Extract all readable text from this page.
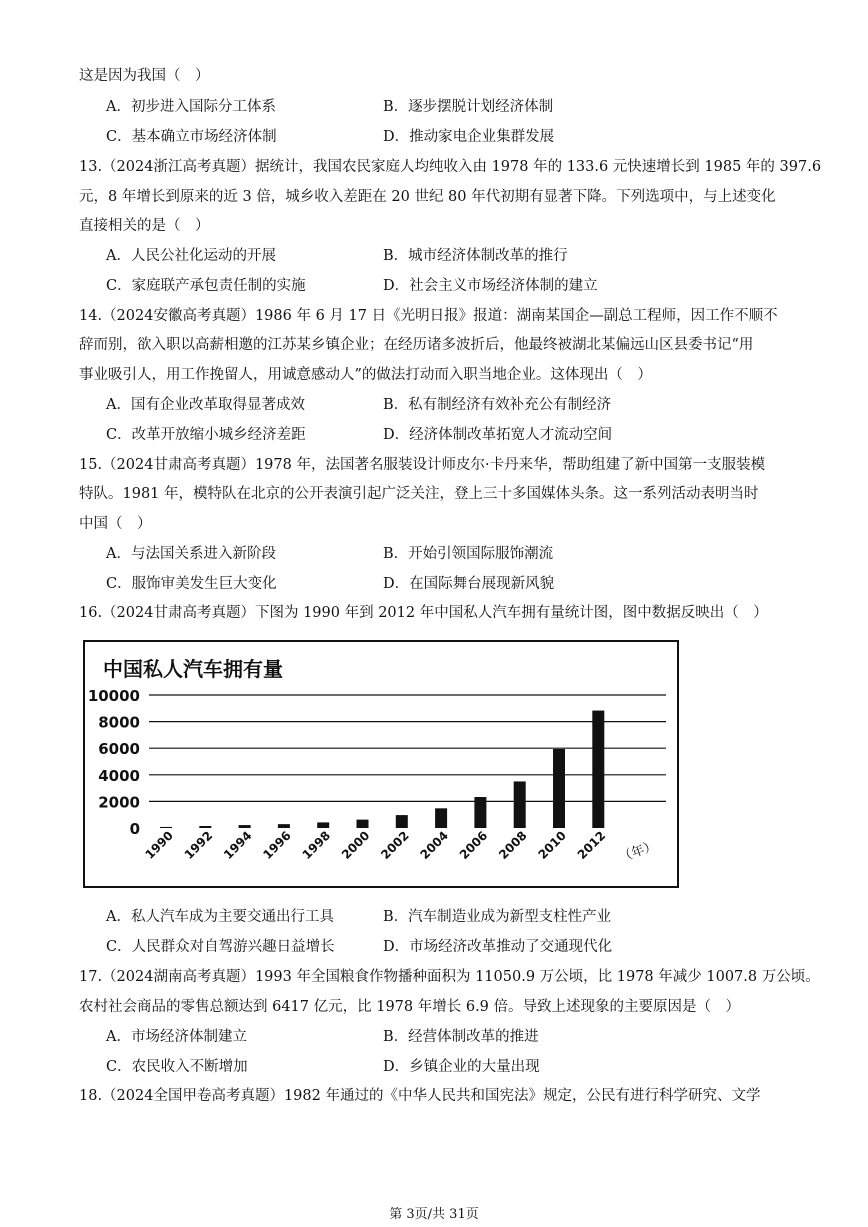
这是因为我国（　）
A．初步进入国际分工体系	B．逐步摆脱计划经济体制
C．基本确立市场经济体制	D．推动家电企业集群发展
13.（2024浙江高考真题）据统计，我国农民家庭人均纯收入由 1978 年的 133.6 元快速增长到 1985 年的 397.6
元，8 年增长到原来的近 3 倍，城乡收入差距在 20 世纪 80 年代初期有显著下降。下列选项中，与上述变化
直接相关的是（　）
A．人民公社化运动的开展	B．城市经济体制改革的推行
C．家庭联产承包责任制的实施	D．社会主义市场经济体制的建立
14.（2024安徽高考真题）1986 年 6 月 17 日《光明日报》报道：湖南某国企—副总工程师，因工作不顺不
辞而别，欲入职以高薪相邀的江苏某乡镇企业；在经历诸多波折后，他最终被湖北某偏远山区县委书记“用
事业吸引人，用工作挽留人，用诚意感动人”的做法打动而入职当地企业。这体现出（　）
A．国有企业改革取得显著成效	B．私有制经济有效补充公有制经济
C．改革开放缩小城乡经济差距	D．经济体制改革拓宽人才流动空间
15.（2024甘肃高考真题）1978 年，法国著名服装设计师皮尔·卡丹来华，帮助组建了新中国第一支服装模
特队。1981 年，模特队在北京的公开表演引起广泛关注，登上三十多国媒体头条。这一系列活动表明当时
中国（　）
A．与法国关系进入新阶段	B．开始引领国际服饰潮流
C．服饰审美发生巨大变化	D．在国际舞台展现新风貌
16.（2024甘肃高考真题）下图为 1990 年到 2012 年中国私人汽车拥有量统计图，图中数据反映出（　）
中国私人汽车拥有量
0
2000
4000
6000
8000
10000
1990 1992 1994 1996 1998 2000 2002 2004 2006 2008 2010 2012 （年）
A．私人汽车成为主要交通出行工具	B．汽车制造业成为新型支柱性产业
C．人民群众对自驾游兴趣日益增长	D．市场经济改革推动了交通现代化
17.（2024湖南高考真题）1993 年全国粮食作物播种面积为 11050.9 万公顷，比 1978 年减少 1007.8 万公顷。
农村社会商品的零售总额达到 6417 亿元，比 1978 年增长 6.9 倍。导致上述现象的主要原因是（　）
A．市场经济体制建立	B．经营体制改革的推进
C．农民收入不断增加	D．乡镇企业的大量出现
18.（2024全国甲卷高考真题）1982 年通过的《中华人民共和国宪法》规定，公民有进行科学研究、文学
第 3页/共 31页
